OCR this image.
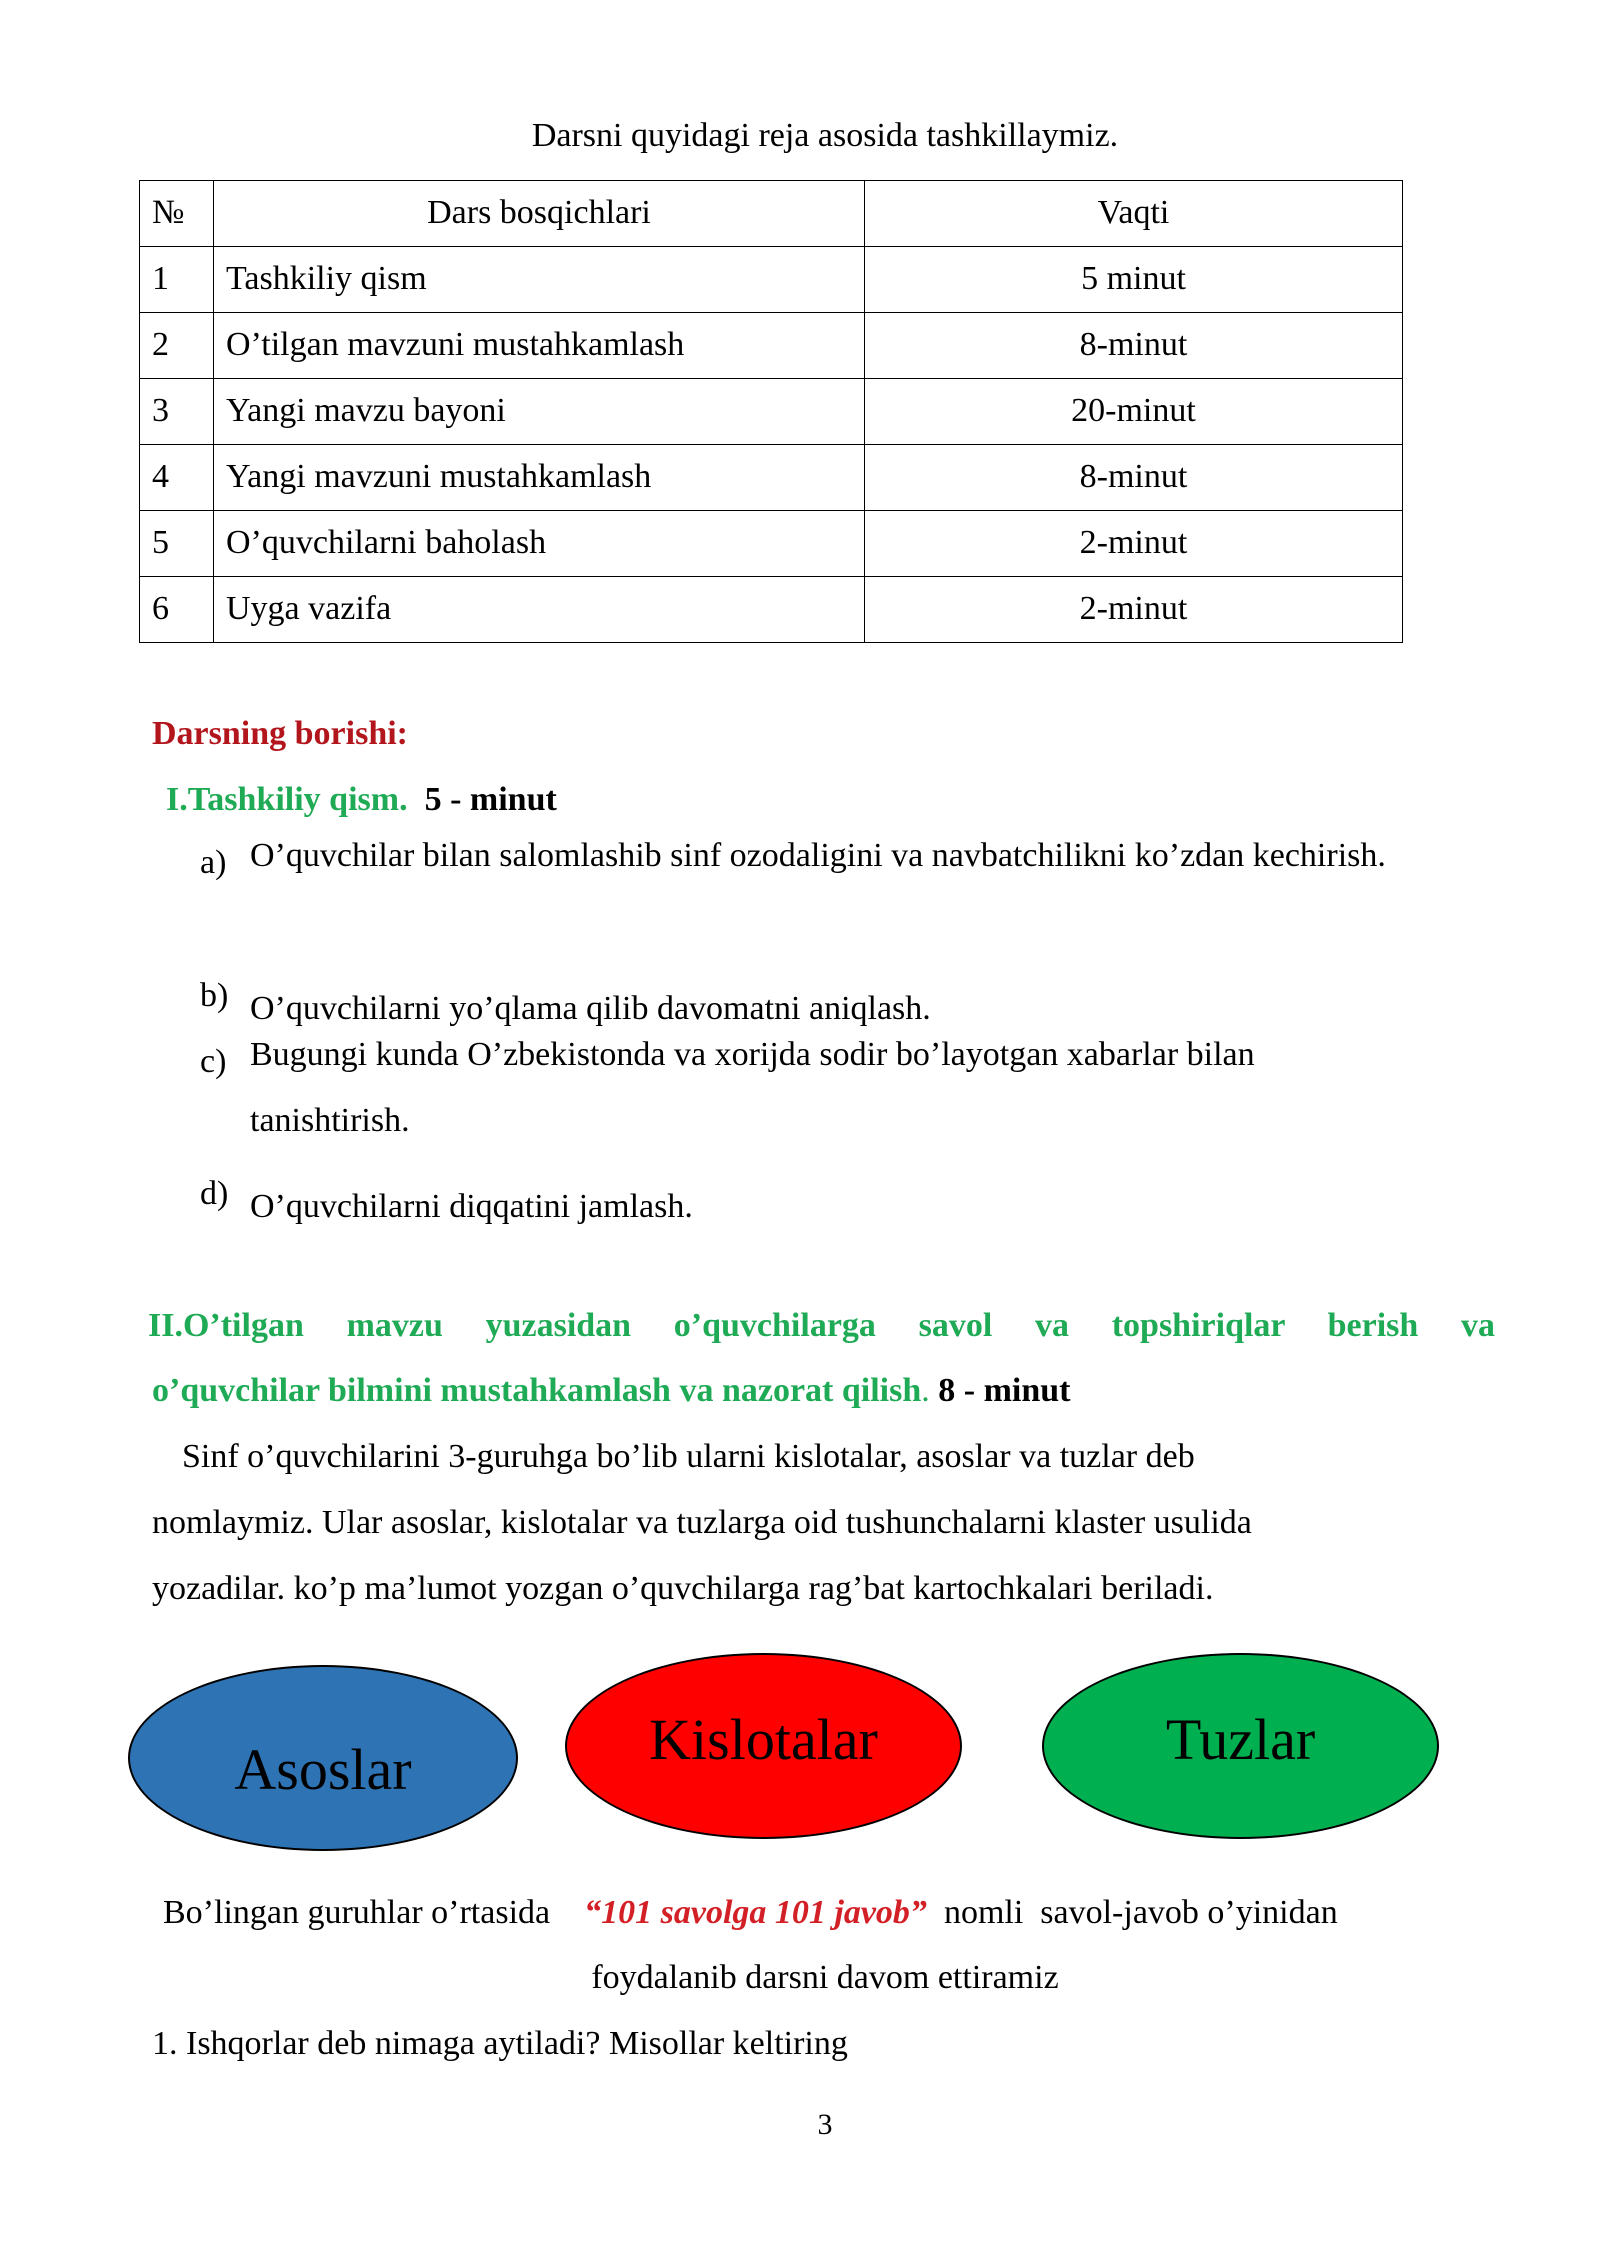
Darsni quyidagi reja asosida tashkillaymiz.
№	Dars bosqichlari	Vaqti
1	Tashkiliy qism	5 minut
2	O’tilgan mavzuni mustahkamlash	8-minut
3	Yangi mavzu bayoni	20-minut
4	Yangi mavzuni mustahkamlash	8-minut
5	O’quvchilarni baholash	2-minut
6	Uyga vazifa	2-minut
Darsning borishi:
I.Tashkiliy qism. 5 - minut
a) O’quvchilar bilan salomlashib sinf ozodaligini va navbatchilikni ko’zdan kechirish.
b) O’quvchilarni yo’qlama qilib davomatni aniqlash.
c) Bugungi kunda O’zbekistonda va xorijda sodir bo’layotgan xabarlar bilan tanishtirish.
d) O’quvchilarni diqqatini jamlash.
II.O’tilgan mavzu yuzasidan o’quvchilarga savol va topshiriqlar berish va
o’quvchilar bilmini mustahkamlash va nazorat qilish. 8 - minut
Sinf o’quvchilarini 3-guruhga bo’lib ularni kislotalar, asoslar va tuzlar deb
nomlaymiz. Ular asoslar, kislotalar va tuzlarga oid tushunchalarni klaster usulida
yozadilar. ko’p ma’lumot yozgan o’quvchilarga rag’bat kartochkalari beriladi.
Asoslar	Kislotalar	Tuzlar
Bo’lingan guruhlar o’rtasida “101 savolga 101 javob” nomli  savol-javob o’yinidan
foydalanib darsni davom ettiramiz
1. Ishqorlar deb nimaga aytiladi? Misollar keltiring
3
